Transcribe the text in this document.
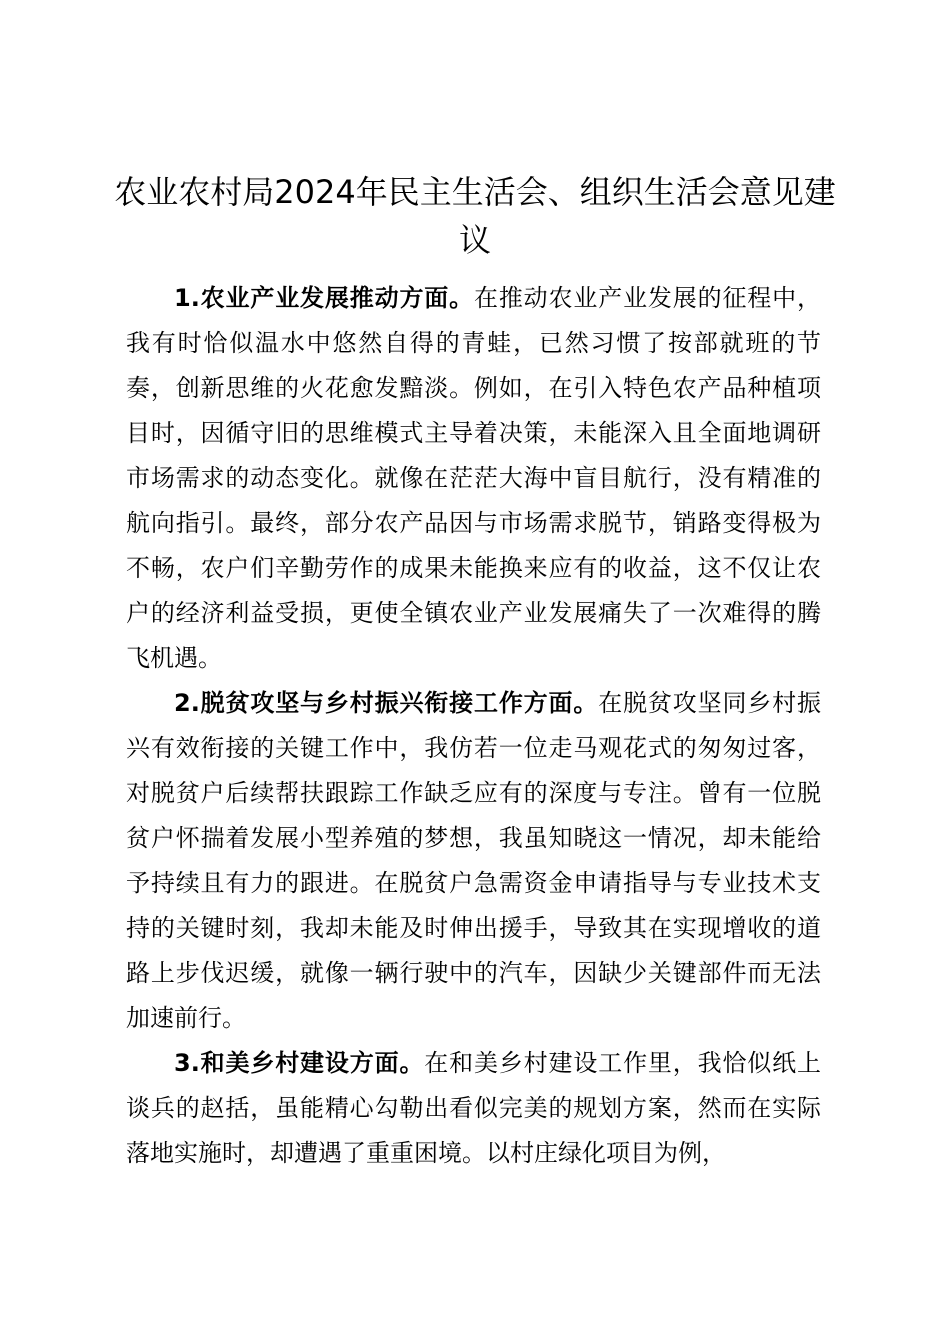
农业农村局2024年民主生活会、组织生活会意见建议

1.农业产业发展推动方面。在推动农业产业发展的征程中，我有时恰似温水中悠然自得的青蛙，已然习惯了按部就班的节奏，创新思维的火花愈发黯淡。例如，在引入特色农产品种植项目时，因循守旧的思维模式主导着决策，未能深入且全面地调研市场需求的动态变化。就像在茫茫大海中盲目航行，没有精准的航向指引。最终，部分农产品因与市场需求脱节，销路变得极为不畅，农户们辛勤劳作的成果未能换来应有的收益，这不仅让农户的经济利益受损，更使全镇农业产业发展痛失了一次难得的腾飞机遇。

2.脱贫攻坚与乡村振兴衔接工作方面。在脱贫攻坚同乡村振兴有效衔接的关键工作中，我仿若一位走马观花式的匆匆过客，对脱贫户后续帮扶跟踪工作缺乏应有的深度与专注。曾有一位脱贫户怀揣着发展小型养殖的梦想，我虽知晓这一情况，却未能给予持续且有力的跟进。在脱贫户急需资金申请指导与专业技术支持的关键时刻，我却未能及时伸出援手，导致其在实现增收的道路上步伐迟缓，就像一辆行驶中的汽车，因缺少关键部件而无法加速前行。

3.和美乡村建设方面。在和美乡村建设工作里，我恰似纸上谈兵的赵括，虽能精心勾勒出看似完美的规划方案，然而在实际落地实施时，却遭遇了重重困境。以村庄绿化项目为例，
